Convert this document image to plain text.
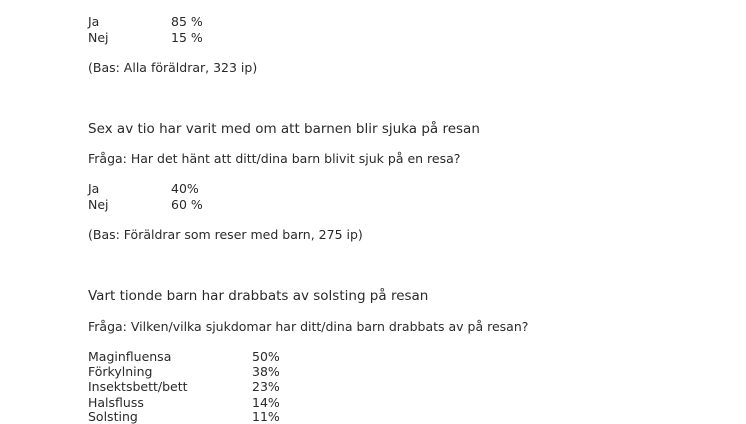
Ja	85 %
Nej	15 %
(Bas: Alla föräldrar, 323 ip)
Sex av tio har varit med om att barnen blir sjuka på resan
Fråga: Har det hänt att ditt/dina barn blivit sjuk på en resa?
Ja	40%
Nej	60 %
(Bas: Föräldrar som reser med barn, 275 ip)
Vart tionde barn har drabbats av solsting på resan
Fråga: Vilken/vilka sjukdomar har ditt/dina barn drabbats av på resan?
Maginfluensa	50%
Förkylning	38%
Insektsbett/bett	23%
Halsfluss	14%
Solsting	11%
